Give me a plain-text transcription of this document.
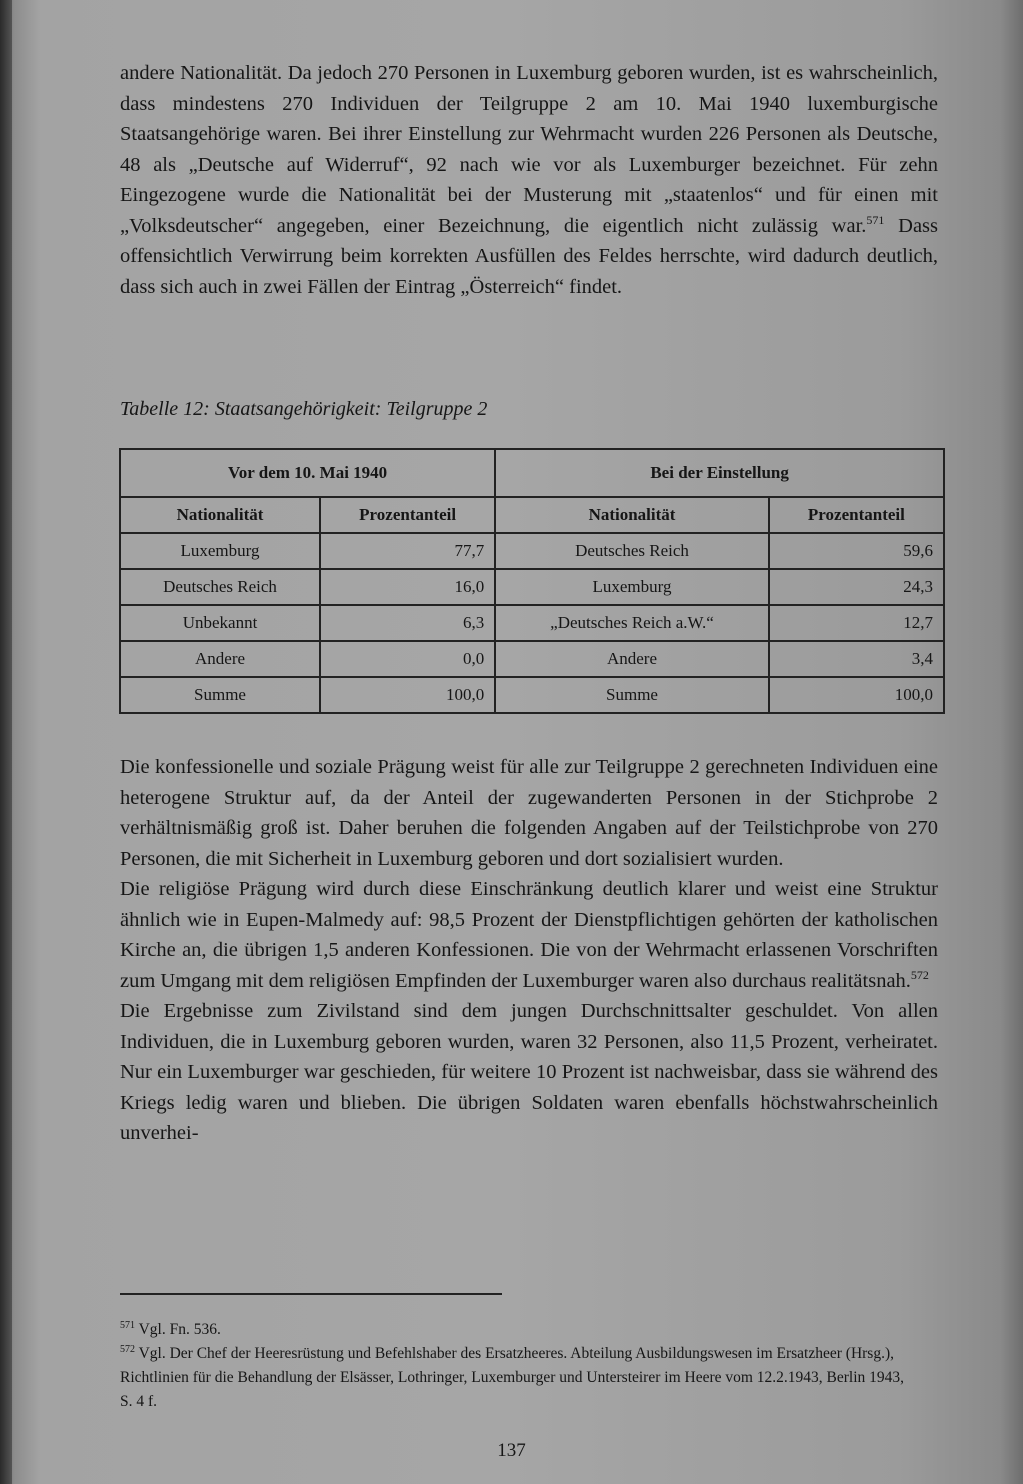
andere Nationalität. Da jedoch 270 Personen in Luxemburg geboren wurden, ist es wahrscheinlich, dass mindestens 270 Individuen der Teilgruppe 2 am 10. Mai 1940 luxemburgische Staatsangehörige waren. Bei ihrer Einstellung zur Wehrmacht wurden 226 Personen als Deutsche, 48 als „Deutsche auf Widerruf“, 92 nach wie vor als Luxemburger bezeichnet. Für zehn Eingezogene wurde die Nationalität bei der Musterung mit „staatenlos“ und für einen mit „Volksdeutscher“ angegeben, einer Bezeichnung, die eigentlich nicht zulässig war.$^{571}$ Dass offensichtlich Verwirrung beim korrekten Ausfüllen des Feldes herrschte, wird dadurch deutlich, dass sich auch in zwei Fällen der Eintrag „Österreich“ findet.

Tabelle 12: Staatsangehörigkeit: Teilgruppe 2
Vor dem 10. Mai 1940		Bei der Einstellung	
Nationalität	Prozentanteil	Nationalität	Prozentanteil
Luxemburg	77,7	Deutsches Reich	59,6
Deutsches Reich	16,0	Luxemburg	24,3
Unbekannt	6,3	„Deutsches Reich a.W.“	12,7
Andere	0,0	Andere	3,4
Summe	100,0	Summe	100,0

Die konfessionelle und soziale Prägung weist für alle zur Teilgruppe 2 gerechneten Individuen eine heterogene Struktur auf, da der Anteil der zugewanderten Personen in der Stichprobe 2 verhältnismäßig groß ist. Daher beruhen die folgenden Angaben auf der Teilstichprobe von 270 Personen, die mit Sicherheit in Luxemburg geboren und dort sozialisiert wurden.

Die religiöse Prägung wird durch diese Einschränkung deutlich klarer und weist eine Struktur ähnlich wie in Eupen-Malmedy auf: 98,5 Prozent der Dienstpflichtigen gehörten der katholischen Kirche an, die übrigen 1,5 anderen Konfessionen. Die von der Wehrmacht erlassenen Vorschriften zum Umgang mit dem religiösen Empfinden der Luxemburger waren also durchaus realitätsnah.$^{572}$

Die Ergebnisse zum Zivilstand sind dem jungen Durchschnittsalter geschuldet. Von allen Individuen, die in Luxemburg geboren wurden, waren 32 Personen, also 11,5 Prozent, verheiratet. Nur ein Luxemburger war geschieden, für weitere 10 Prozent ist nachweisbar, dass sie während des Kriegs ledig waren und blieben. Die übrigen Soldaten waren ebenfalls höchstwahrscheinlich unverhei-

$^{571}$ Vgl. Fn. 536.
$^{572}$ Vgl. Der Chef der Heeresrüstung und Befehlshaber des Ersatzheeres. Abteilung Ausbildungswesen im Ersatzheer (Hrsg.), Richtlinien für die Behandlung der Elsässer, Lothringer, Luxemburger und Untersteirer im Heere vom 12.2.1943, Berlin 1943, S. 4 f.
137
